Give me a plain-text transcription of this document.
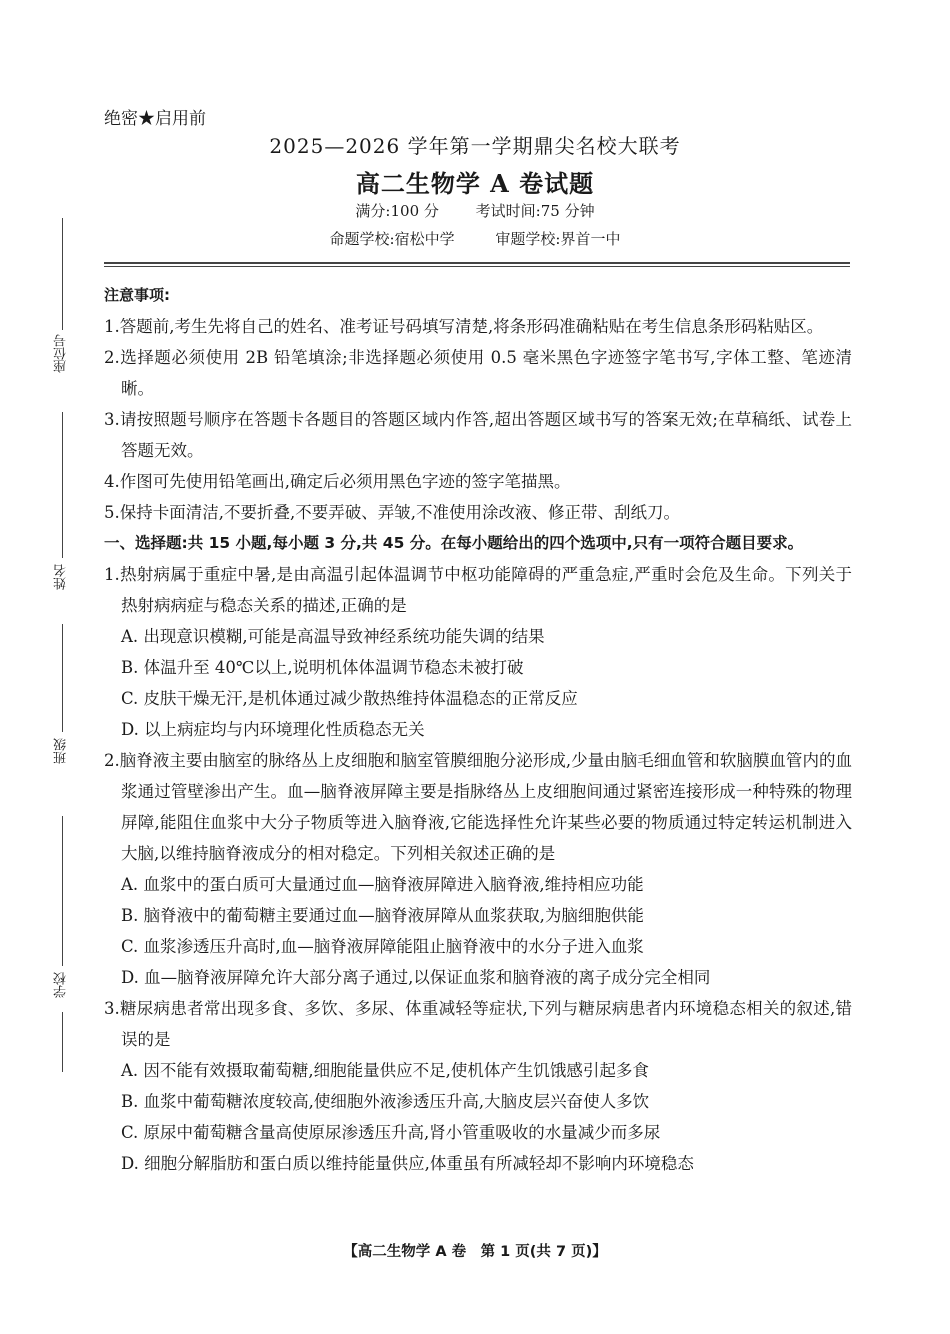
绝密★启用前
2025—2026 学年第一学期鼎尖名校大联考
高二生物学 A 卷试题
满分:100 分 考试时间:75 分钟
命题学校:宿松中学	审题学校:界首一中
座位号
姓名
班级
学校
注意事项:
1.答题前,考生先将自己的姓名、准考证号码填写清楚,将条形码准确粘贴在考生信息条形码粘贴区。
2.选择题必须使用 2B 铅笔填涂;非选择题必须使用 0.5 毫米黑色字迹签字笔书写,字体工整、笔迹清晰。
3.请按照题号顺序在答题卡各题目的答题区域内作答,超出答题区域书写的答案无效;在草稿纸、试卷上答题无效。
4.作图可先使用铅笔画出,确定后必须用黑色字迹的签字笔描黑。
5.保持卡面清洁,不要折叠,不要弄破、弄皱,不准使用涂改液、修正带、刮纸刀。
一、选择题:共 15 小题,每小题 3 分,共 45 分。在每小题给出的四个选项中,只有一项符合题目要求。
1.热射病属于重症中暑,是由高温引起体温调节中枢功能障碍的严重急症,严重时会危及生命。下列关于热射病病症与稳态关系的描述,正确的是
A. 出现意识模糊,可能是高温导致神经系统功能失调的结果
B. 体温升至 40℃以上,说明机体体温调节稳态未被打破
C. 皮肤干燥无汗,是机体通过减少散热维持体温稳态的正常反应
D. 以上病症均与内环境理化性质稳态无关
2.脑脊液主要由脑室的脉络丛上皮细胞和脑室管膜细胞分泌形成,少量由脑毛细血管和软脑膜血管内的血浆通过管壁渗出产生。血—脑脊液屏障主要是指脉络丛上皮细胞间通过紧密连接形成一种特殊的物理屏障,能阻住血浆中大分子物质等进入脑脊液,它能选择性允许某些必要的物质通过特定转运机制进入大脑,以维持脑脊液成分的相对稳定。下列相关叙述正确的是
A. 血浆中的蛋白质可大量通过血—脑脊液屏障进入脑脊液,维持相应功能
B. 脑脊液中的葡萄糖主要通过血—脑脊液屏障从血浆获取,为脑细胞供能
C. 血浆渗透压升高时,血—脑脊液屏障能阻止脑脊液中的水分子进入血浆
D. 血—脑脊液屏障允许大部分离子通过,以保证血浆和脑脊液的离子成分完全相同
3.糖尿病患者常出现多食、多饮、多尿、体重减轻等症状,下列与糖尿病患者内环境稳态相关的叙述,错误的是
A. 因不能有效摄取葡萄糖,细胞能量供应不足,使机体产生饥饿感引起多食
B. 血浆中葡萄糖浓度较高,使细胞外液渗透压升高,大脑皮层兴奋使人多饮
C. 原尿中葡萄糖含量高使原尿渗透压升高,肾小管重吸收的水量减少而多尿
D. 细胞分解脂肪和蛋白质以维持能量供应,体重虽有所减轻却不影响内环境稳态
【高二生物学 A 卷　第 1 页(共 7 页)】
